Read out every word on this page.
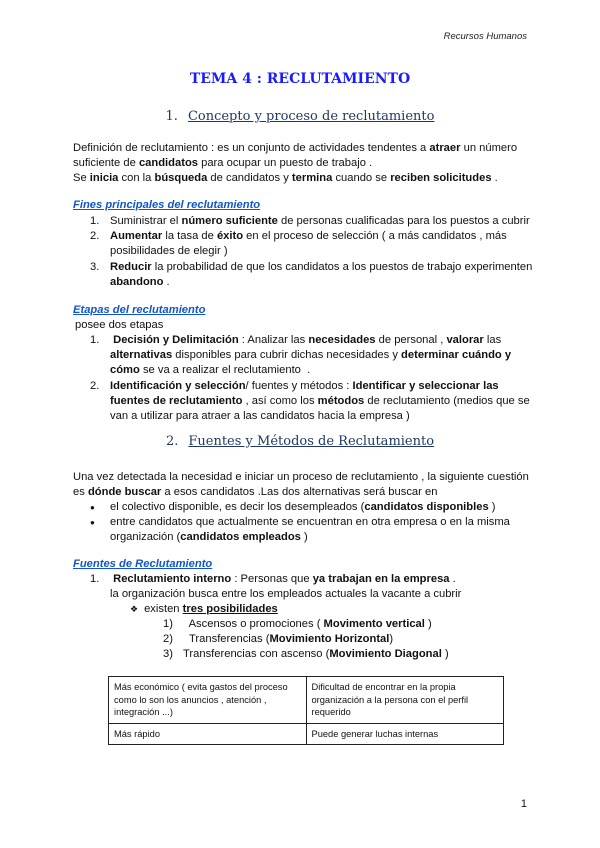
Recursos Humanos
TEMA 4 : RECLUTAMIENTO
1. Concepto y proceso de reclutamiento
Definición de reclutamiento : es un conjunto de actividades tendentes a atraer un número
suficiente de candidatos para ocupar un puesto de trabajo .
Se inicia con la búsqueda de candidatos y termina cuando se reciben solicitudes .
Fines principales del reclutamiento
1. Suministrar el número suficiente de personas cualificadas para los puestos a cubrir
2. Aumentar la tasa de éxito en el proceso de selección ( a más candidatos , más
posibilidades de elegir )
3. Reducir la probabilidad de que los candidatos a los puestos de trabajo experimenten
abandono .
Etapas del reclutamiento
posee dos etapas
1. Decisión y Delimitación : Analizar las necesidades de personal , valorar las
alternativas disponibles para cubrir dichas necesidades y determinar cuándo y
cómo se va a realizar el reclutamiento  .
2. Identificación y selección/ fuentes y métodos : Identificar y seleccionar las
fuentes de reclutamiento , así como los métodos de reclutamiento (medios que se
van a utilizar para atraer a las candidatos hacia la empresa )
2. Fuentes y Métodos de Reclutamiento
Una vez detectada la necesidad e iniciar un proceso de reclutamiento , la siguiente cuestión
es dónde buscar a esos candidatos .Las dos alternativas será buscar en
● el colectivo disponible, es decir los desempleados (candidatos disponibles )
● entre candidatos que actualmente se encuentran en otra empresa o en la misma
organización (candidatos empleados )
Fuentes de Reclutamiento
1. Reclutamiento interno : Personas que ya trabajan en la empresa .
la organización busca entre los empleados actuales la vacante a cubrir
❖ existen tres posibilidades
1) Ascensos o promociones ( Movimento vertical )
2) Transferencias (Movimiento Horizontal)
3) Transferencias con ascenso (Movimiento Diagonal )
Más económico ( evita gastos del proceso como lo son los anuncios , atención , integración ...)	Dificultad de encontrar en la propia organización a la persona con el perfil requerido
Más rápido	Puede generar luchas internas
1
